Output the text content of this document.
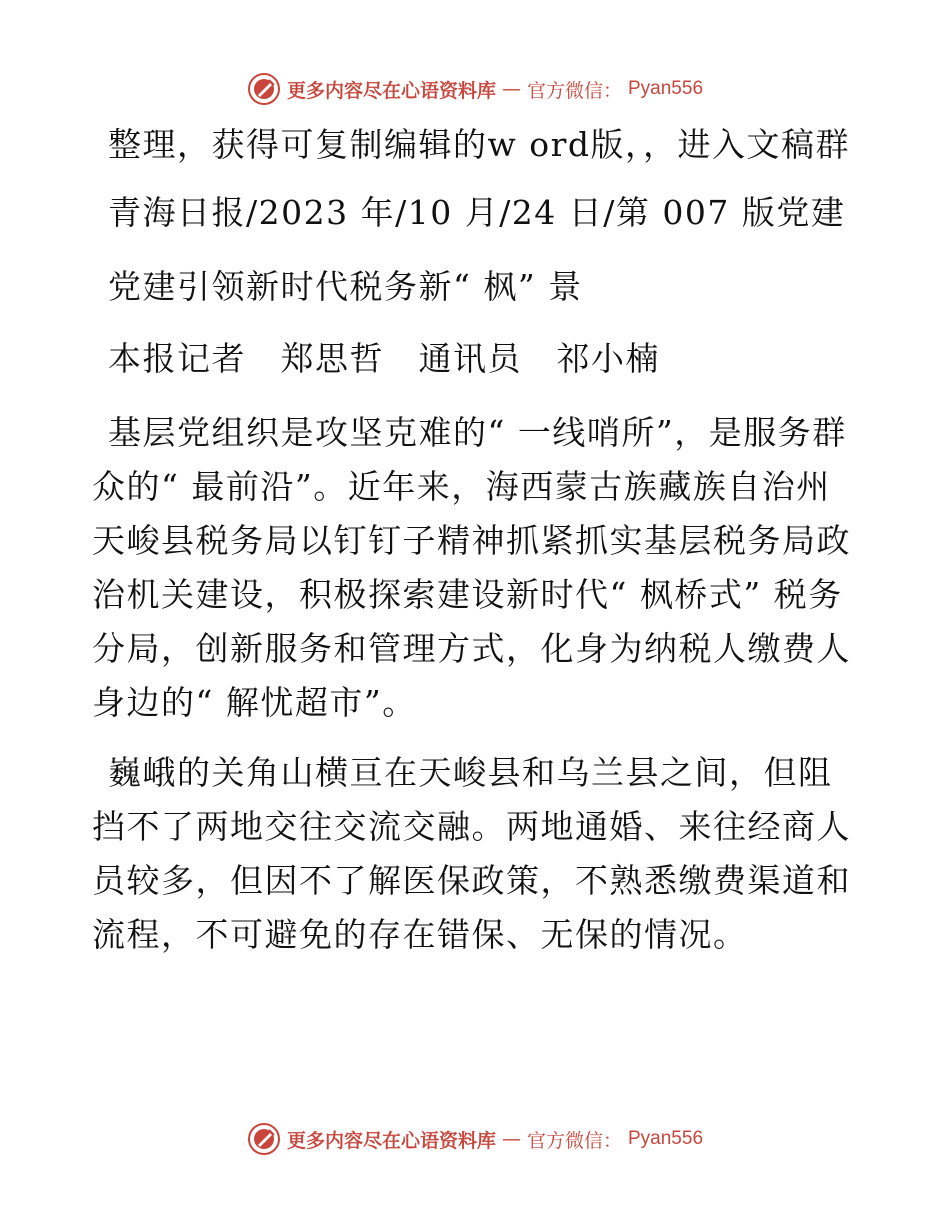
更多内容尽在心语资料库 — 官方微信： Pyan556

整理，获得可复制编辑的w ord版，，进入文稿群

青海日报/2023 年/10 月/24 日/第 007 版党建

党建引领新时代税务新“ 枫” 景

本报记者　郑思哲　通讯员　祁小楠

基层党组织是攻坚克难的“ 一线哨所”，是服务群众的“ 最前沿”。近年来，海西蒙古族藏族自治州天峻县税务局以钉钉子精神抓紧抓实基层税务局政治机关建设，积极探索建设新时代“ 枫桥式” 税务分局，创新服务和管理方式，化身为纳税人缴费人身边的“ 解忧超市”。

巍峨的关角山横亘在天峻县和乌兰县之间，但阻挡不了两地交往交流交融。两地通婚、来往经商人员较多，但因不了解医保政策，不熟悉缴费渠道和流程，不可避免的存在错保、无保的情况。

更多内容尽在心语资料库 — 官方微信： Pyan556
